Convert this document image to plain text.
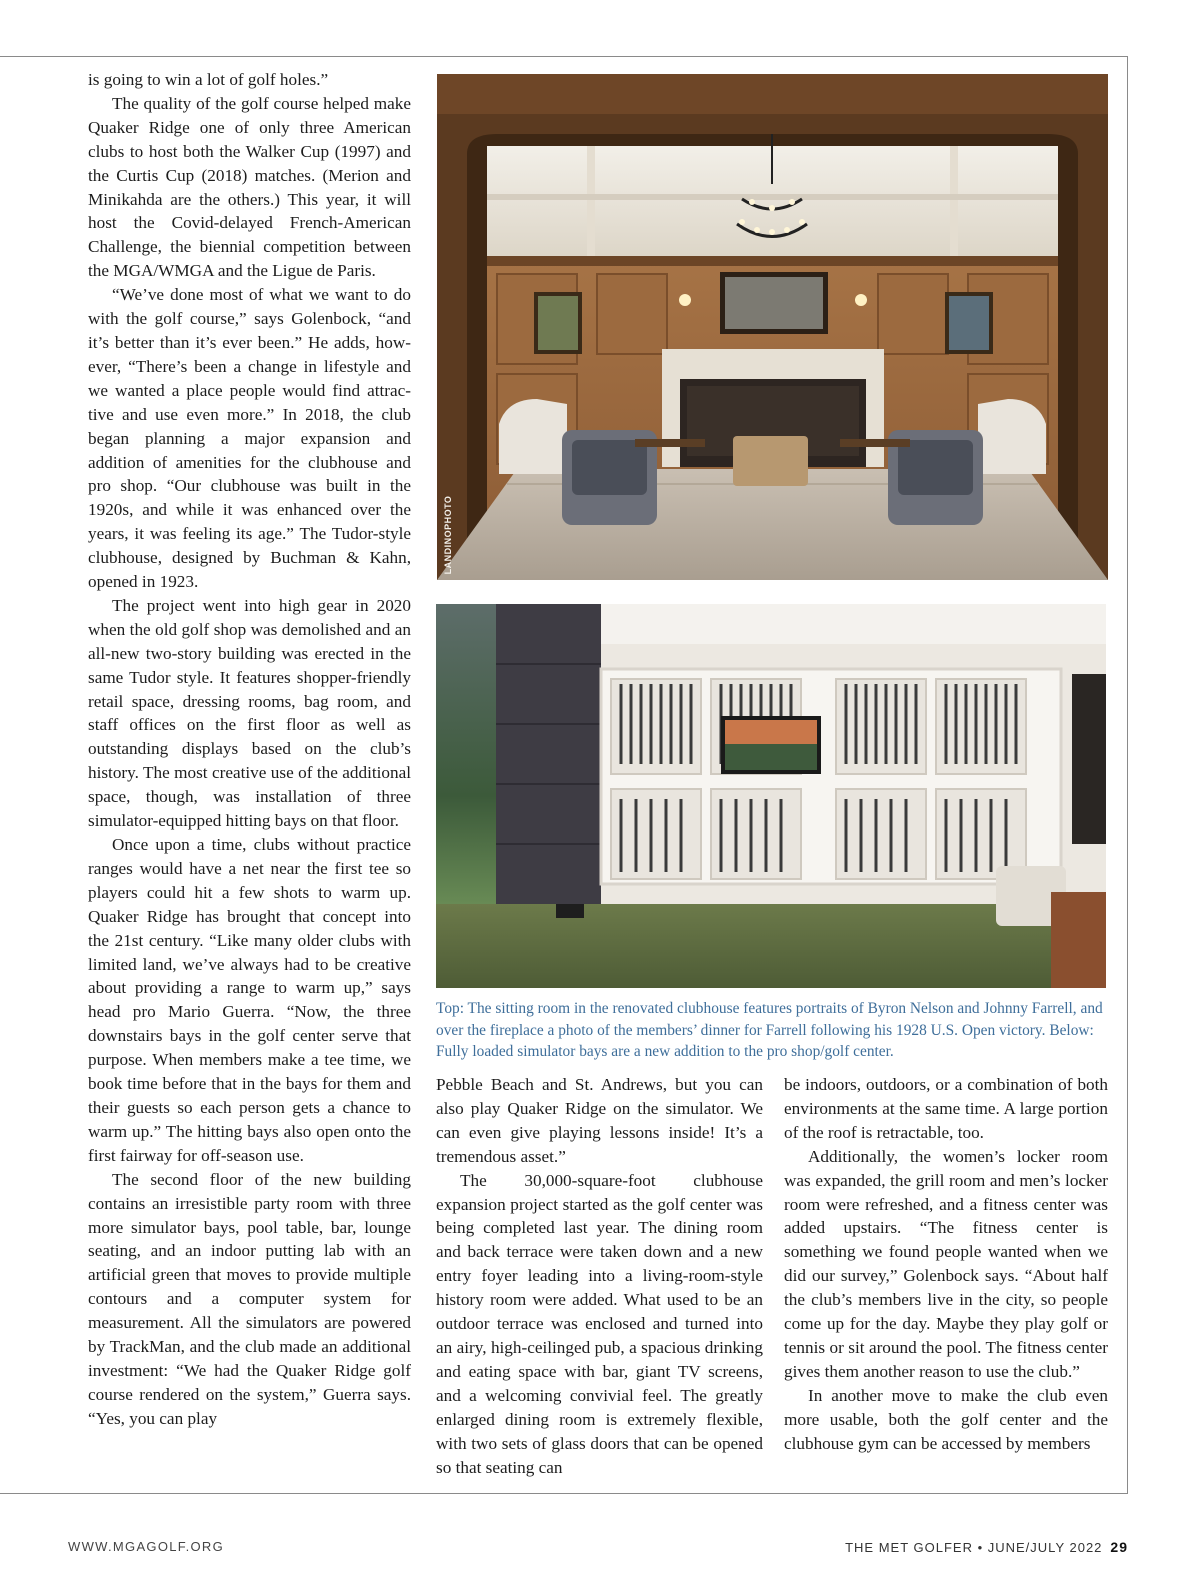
is going to win a lot of golf holes.”

The quality of the golf course helped make Quaker Ridge one of only three American clubs to host both the Walker Cup (1997) and the Curtis Cup (2018) matches. (Merion and Minikahda are the others.) This year, it will host the Covid-delayed French-American Challenge, the biennial competition between the MGA/WMGA and the Ligue de Paris.

“We’ve done most of what we want to do with the golf course,” says Golenbock, “and it’s better than it’s ever been.” He adds, however, “There’s been a change in lifestyle and we wanted a place people would find attractive and use even more.” In 2018, the club began planning a major expansion and addition of amenities for the clubhouse and pro shop. “Our clubhouse was built in the 1920s, and while it was enhanced over the years, it was feeling its age.” The Tudor-style clubhouse, designed by Buchman & Kahn, opened in 1923.

The project went into high gear in 2020 when the old golf shop was demolished and an all-new two-story building was erected in the same Tudor style. It features shopper-friendly retail space, dressing rooms, bag room, and staff offices on the first floor as well as outstanding displays based on the club’s history. The most creative use of the additional space, though, was installation of three simulator-equipped hitting bays on that floor.

Once upon a time, clubs without practice ranges would have a net near the first tee so players could hit a few shots to warm up. Quaker Ridge has brought that concept into the 21st century. “Like many older clubs with limited land, we’ve always had to be creative about providing a range to warm up,” says head pro Mario Guerra. “Now, the three downstairs bays in the golf center serve that purpose. When members make a tee time, we book time before that in the bays for them and their guests so each person gets a chance to warm up.” The hitting bays also open onto the first fairway for off-season use.

The second floor of the new building contains an irresistible party room with three more simulator bays, pool table, bar, lounge seating, and an indoor putting lab with an artificial green that moves to provide multiple contours and a computer system for measurement. All the simulators are powered by TrackMan, and the club made an additional investment: “We had the Quaker Ridge golf course rendered on the system,” Guerra says. “Yes, you can play

LANDINOPHOTO
Top: The sitting room in the renovated clubhouse features portraits of Byron Nelson and Johnny Farrell, and over the fireplace a photo of the members’ dinner for Farrell following his 1928 U.S. Open victory. Below: Fully loaded simulator bays are a new addition to the pro shop/golf center.

Pebble Beach and St. Andrews, but you can also play Quaker Ridge on the simulator. We can even give playing lessons inside! It’s a tremendous asset.”

The 30,000-square-foot clubhouse expansion project started as the golf center was being completed last year. The dining room and back terrace were taken down and a new entry foyer leading into a living-room-style history room were added. What used to be an outdoor terrace was enclosed and turned into an airy, high-ceilinged pub, a spacious drinking and eating space with bar, giant TV screens, and a welcoming convivial feel. The greatly enlarged dining room is extremely flexible, with two sets of glass doors that can be opened so that seating can

be indoors, outdoors, or a combination of both environments at the same time. A large portion of the roof is retractable, too.

Additionally, the women’s locker room was expanded, the grill room and men’s locker room were refreshed, and a fitness center was added upstairs. “The fitness center is something we found people wanted when we did our survey,” Golenbock says. “About half the club’s members live in the city, so people come up for the day. Maybe they play golf or tennis or sit around the pool. The fitness center gives them another reason to use the club.”

In another move to make the club even more usable, both the golf center and the clubhouse gym can be accessed by members

WWW.MGAGOLF.ORG	THE MET GOLFER • JUNE/JULY 2022 29
